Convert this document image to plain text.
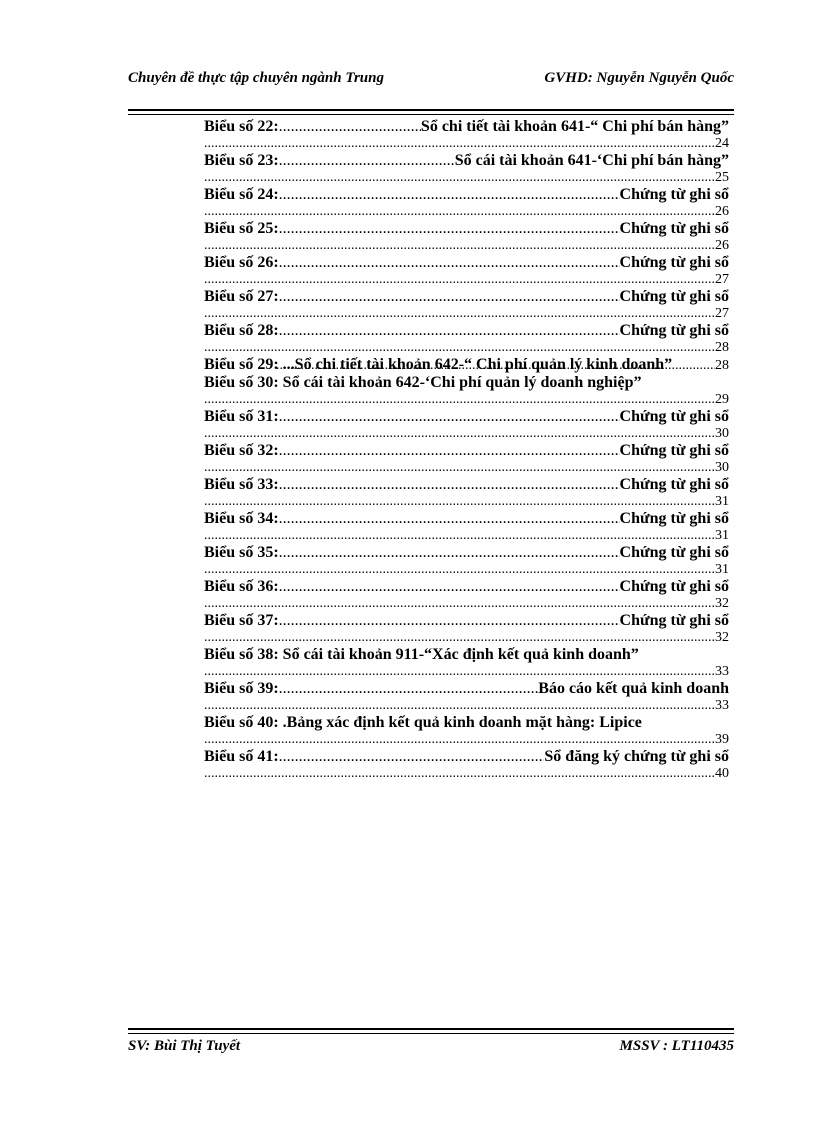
Chuyên đề thực tập chuyên ngành Trung	GVHD: Nguyễn Nguyễn Quốc
Biểu số 22: .....	Sổ chi tiết tài khoản 641-“ Chi phí bán hàng”
.....
24
Biểu số 23: .....	Sổ cái tài khoản 641-‘Chi phí bán hàng”
.....
25
Biểu số 24: .....	Chứng từ ghi sổ
.....
26
Biểu số 25: .....	Chứng từ ghi sổ
.....
26
Biểu số 26: .....	Chứng từ ghi sổ
.....
27
Biểu số 27: .....	Chứng từ ghi sổ
.....
27
Biểu số 28: .....	Chứng từ ghi sổ
.....
28
Biểu số 29: ...Sổ chi tiết tài khoản 642-“ Chi phí quản lý kinh doanh” .....	28
Biểu số 30:
Sổ cái tài khoản 642-‘Chi phí quản lý doanh nghiệp”
.....
29
Biểu số 31: .....	Chứng từ ghi sổ
.....
30
Biểu số 32: .....	Chứng từ ghi sổ
.....
30
Biểu số 33: .....	Chứng từ ghi sổ
.....
31
Biểu số 34: .....	Chứng từ ghi sổ
.....
31
Biểu số 35: .....	Chứng từ ghi sổ
.....
31
Biểu số 36: .....	Chứng từ ghi sổ
.....
32
Biểu số 37: .....	Chứng từ ghi sổ
.....
32
Biểu số 38:
Sổ cái tài khoản 911-“Xác định kết quả kinh doanh”
.....
33
Biểu số 39: .....	Báo cáo kết quả kinh doanh
.....
33
Biểu số 40:
.Bảng xác định kết quả kinh doanh mặt hàng: Lipice
.....
39
Biểu số 41: .....	Sổ đăng ký chứng từ ghi sổ
.....
40
SV: Bùi Thị Tuyết	MSSV : LT110435
